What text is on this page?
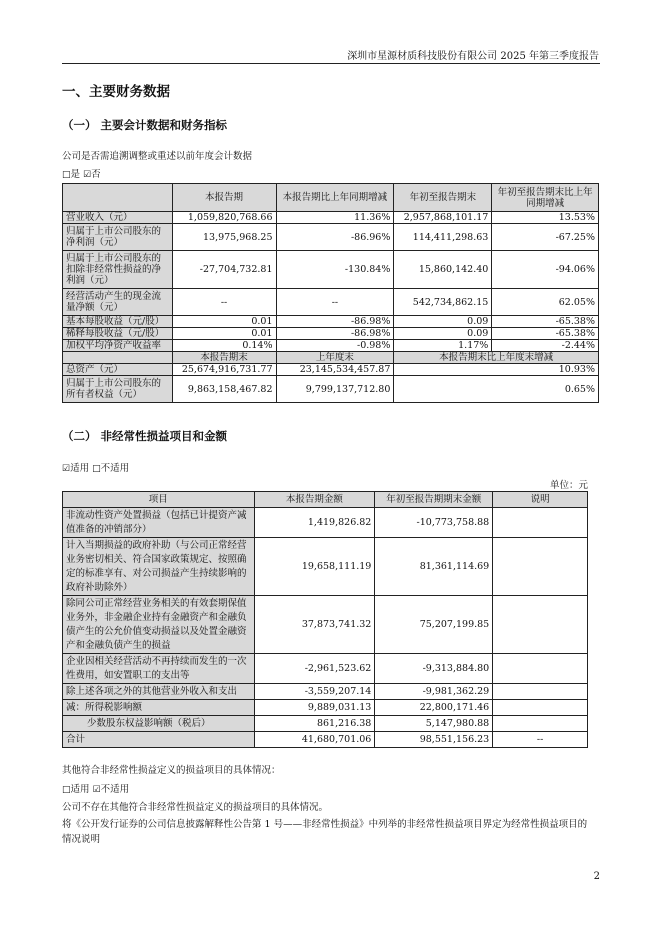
深圳市星源材质科技股份有限公司 2025 年第三季度报告
一、主要财务数据
（一） 主要会计数据和财务指标
公司是否需追溯调整或重述以前年度会计数据
□是 ☑否
	本报告期	本报告期比上年同期增减	年初至报告期末	年初至报告期末比上年同期增减
营业收入（元）	1,059,820,768.66	11.36%	2,957,868,101.17	13.53%
归属于上市公司股东的净利润（元）	13,975,968.25	-86.96%	114,411,298.63	-67.25%
归属于上市公司股东的扣除非经常性损益的净利润（元）	-27,704,732.81	-130.84%	15,860,142.40	-94.06%
经营活动产生的现金流量净额（元）	--	--	542,734,862.15	62.05%
基本每股收益（元/股）	0.01	-86.98%	0.09	-65.38%
稀释每股收益（元/股）	0.01	-86.98%	0.09	-65.38%
加权平均净资产收益率	0.14%	-0.98%	1.17%	-2.44%
	本报告期末	上年度末	本报告期末比上年度末增减	
总资产（元）	25,674,916,731.77	23,145,534,457.87	10.93%	
归属于上市公司股东的所有者权益（元）	9,863,158,467.82	9,799,137,712.80	0.65%	
（二） 非经常性损益项目和金额
☑适用 □不适用
单位：元
项目	本报告期金额	年初至报告期期末金额	说明
非流动性资产处置损益（包括已计提资产减值准备的冲销部分）	1,419,826.82	-10,773,758.88	
计入当期损益的政府补助（与公司正常经营业务密切相关、符合国家政策规定、按照确定的标准享有、对公司损益产生持续影响的政府补助除外）	19,658,111.19	81,361,114.69	
除同公司正常经营业务相关的有效套期保值业务外，非金融企业持有金融资产和金融负债产生的公允价值变动损益以及处置金融资产和金融负债产生的损益	37,873,741.32	75,207,199.85	
企业因相关经营活动不再持续而发生的一次性费用，如安置职工的支出等	-2,961,523.62	-9,313,884.80	
除上述各项之外的其他营业外收入和支出	-3,559,207.14	-9,981,362.29	
减：所得税影响额	9,889,031.13	22,800,171.46	
少数股东权益影响额（税后）	861,216.38	5,147,980.88	
合计	41,680,701.06	98,551,156.23	--
其他符合非经常性损益定义的损益项目的具体情况：
□适用 ☑不适用
公司不存在其他符合非经常性损益定义的损益项目的具体情况。
将《公开发行证券的公司信息披露解释性公告第 1 号——非经常性损益》中列举的非经常性损益项目界定为经常性损益项目的情况说明
2
